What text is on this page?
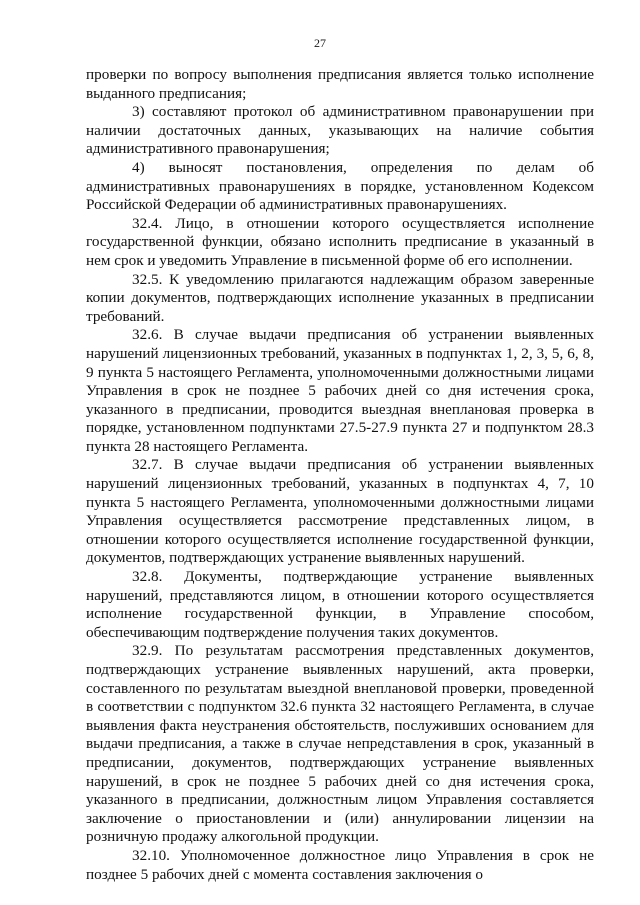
27

проверки по вопросу выполнения предписания является только исполнение выданного предписания;

3) составляют протокол об административном правонарушении при наличии достаточных данных, указывающих на наличие события административного правонарушения;

4) выносят постановления, определения по делам об административных правонарушениях в порядке, установленном Кодексом Российской Федерации об административных правонарушениях.

32.4. Лицо, в отношении которого осуществляется исполнение государственной функции, обязано исполнить предписание в указанный в нем срок и уведомить Управление в письменной форме об его исполнении.

32.5. К уведомлению прилагаются надлежащим образом заверенные копии документов, подтверждающих исполнение указанных в предписании требований.

32.6. В случае выдачи предписания об устранении выявленных нарушений лицензионных требований, указанных в подпунктах 1, 2, 3, 5, 6, 8, 9 пункта 5 настоящего Регламента, уполномоченными должностными лицами Управления в срок не позднее 5 рабочих дней со дня истечения срока, указанного в предписании, проводится выездная внеплановая проверка в порядке, установленном подпунктами 27.5-27.9 пункта 27 и подпунктом 28.3 пункта 28 настоящего Регламента.

32.7. В случае выдачи предписания об устранении выявленных нарушений лицензионных требований, указанных в подпунктах 4, 7, 10 пункта 5 настоящего Регламента, уполномоченными должностными лицами Управления осуществляется рассмотрение представленных лицом, в отношении которого осуществляется исполнение государственной функции, документов, подтверждающих устранение выявленных нарушений.

32.8. Документы, подтверждающие устранение выявленных нарушений, представляются лицом, в отношении которого осуществляется исполнение государственной функции, в Управление способом, обеспечивающим подтверждение получения таких документов.

32.9. По результатам рассмотрения представленных документов, подтверждающих устранение выявленных нарушений, акта проверки, составленного по результатам выездной внеплановой проверки, проведенной в соответствии с подпунктом 32.6 пункта 32 настоящего Регламента, в случае выявления факта неустранения обстоятельств, послуживших основанием для выдачи предписания, а также в случае непредставления в срок, указанный в предписании, документов, подтверждающих устранение выявленных нарушений, в срок не позднее 5 рабочих дней со дня истечения срока, указанного в предписании, должностным лицом Управления составляется заключение о приостановлении и (или) аннулировании лицензии на розничную продажу алкогольной продукции.

32.10. Уполномоченное должностное лицо Управления в срок не позднее 5 рабочих дней с момента составления заключения о
